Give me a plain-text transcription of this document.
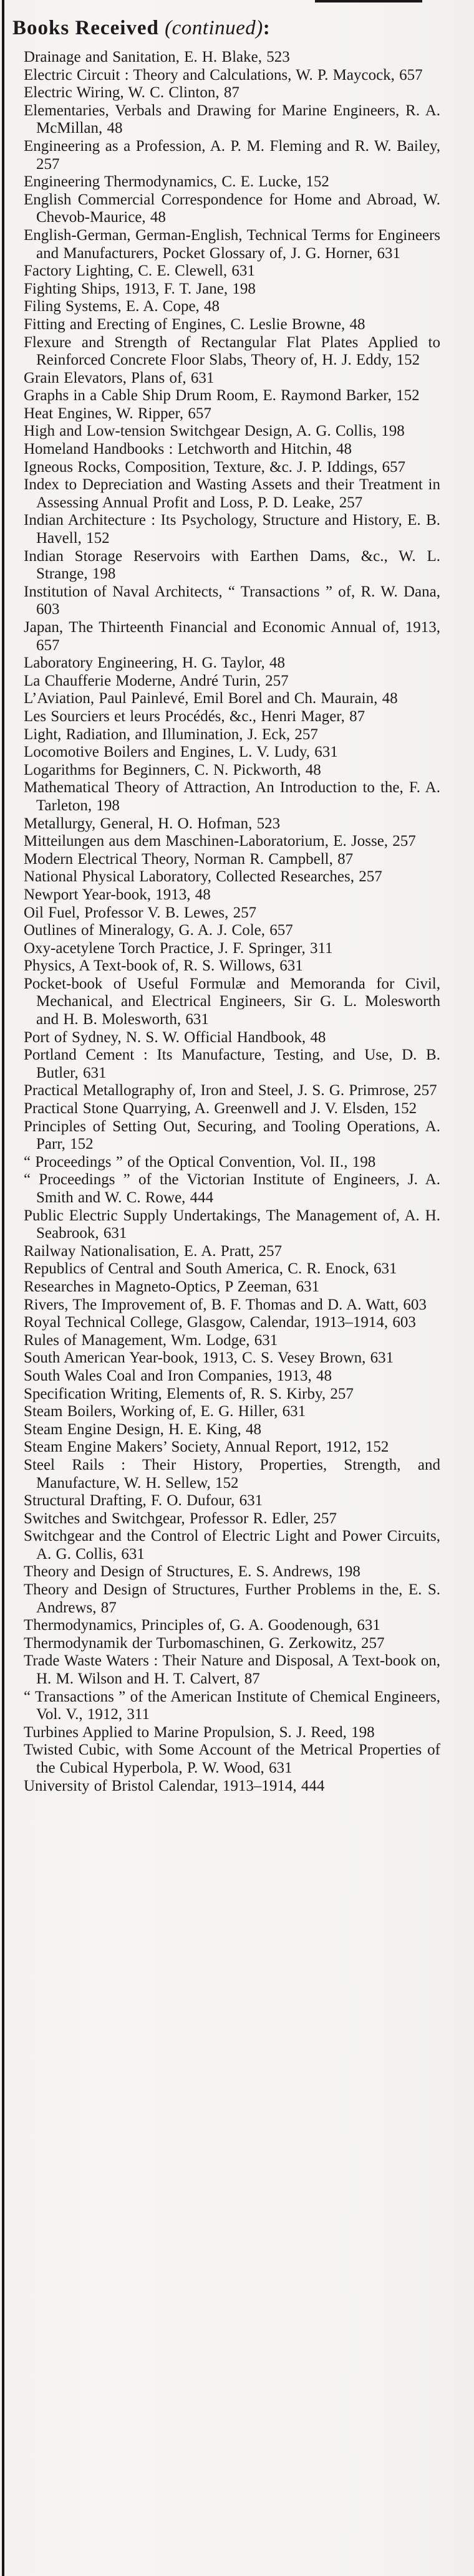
Books Received (continued):
Drainage and Sanitation, E. H. Blake, 523
Electric Circuit : Theory and Calculations, W. P. Maycock, 657
Electric Wiring, W. C. Clinton, 87
Elementaries, Verbals and Drawing for Marine Engineers, R. A. McMillan, 48
Engineering as a Profession, A. P. M. Fleming and R. W. Bailey, 257
Engineering Thermodynamics, C. E. Lucke, 152
English Commercial Correspondence for Home and Abroad, W. Chevob-Maurice, 48
English-German, German-English, Technical Terms for Engineers and Manufacturers, Pocket Glossary of, J. G. Horner, 631
Factory Lighting, C. E. Clewell, 631
Fighting Ships, 1913, F. T. Jane, 198
Filing Systems, E. A. Cope, 48
Fitting and Erecting of Engines, C. Leslie Browne, 48
Flexure and Strength of Rectangular Flat Plates Applied to Reinforced Concrete Floor Slabs, Theory of, H. J. Eddy, 152
Grain Elevators, Plans of, 631
Graphs in a Cable Ship Drum Room, E. Raymond Barker, 152
Heat Engines, W. Ripper, 657
High and Low-tension Switchgear Design, A. G. Collis, 198
Homeland Handbooks : Letchworth and Hitchin, 48
Igneous Rocks, Composition, Texture, &c. J. P. Iddings, 657
Index to Depreciation and Wasting Assets and their Treatment in Assessing Annual Profit and Loss, P. D. Leake, 257
Indian Architecture : Its Psychology, Structure and History, E. B. Havell, 152
Indian Storage Reservoirs with Earthen Dams, &c., W. L. Strange, 198
Institution of Naval Architects, “ Transactions ” of, R. W. Dana, 603
Japan, The Thirteenth Financial and Economic Annual of, 1913, 657
Laboratory Engineering, H. G. Taylor, 48
La Chaufferie Moderne, André Turin, 257
L’Aviation, Paul Painlevé, Emil Borel and Ch. Maurain, 48
Les Sourciers et leurs Procédés, &c., Henri Mager, 87
Light, Radiation, and Illumination, J. Eck, 257
Locomotive Boilers and Engines, L. V. Ludy, 631
Logarithms for Beginners, C. N. Pickworth, 48
Mathematical Theory of Attraction, An Introduction to the, F. A. Tarleton, 198
Metallurgy, General, H. O. Hofman, 523
Mitteilungen aus dem Maschinen-Laboratorium, E. Josse, 257
Modern Electrical Theory, Norman R. Campbell, 87
National Physical Laboratory, Collected Researches, 257
Newport Year-book, 1913, 48
Oil Fuel, Professor V. B. Lewes, 257
Outlines of Mineralogy, G. A. J. Cole, 657
Oxy-acetylene Torch Practice, J. F. Springer, 311
Physics, A Text-book of, R. S. Willows, 631
Pocket-book of Useful Formulæ and Memoranda for Civil, Mechanical, and Electrical Engineers, Sir G. L. Molesworth and H. B. Molesworth, 631
Port of Sydney, N. S. W. Official Handbook, 48
Portland Cement : Its Manufacture, Testing, and Use, D. B. Butler, 631
Practical Metallography of, Iron and Steel, J. S. G. Primrose, 257
Practical Stone Quarrying, A. Greenwell and J. V. Elsden, 152
Principles of Setting Out, Securing, and Tooling Operations, A. Parr, 152
“ Proceedings ” of the Optical Convention, Vol. II., 198
“ Proceedings ” of the Victorian Institute of Engineers, J. A. Smith and W. C. Rowe, 444
Public Electric Supply Undertakings, The Management of, A. H. Seabrook, 631
Railway Nationalisation, E. A. Pratt, 257
Republics of Central and South America, C. R. Enock, 631
Researches in Magneto-Optics, P Zeeman, 631
Rivers, The Improvement of, B. F. Thomas and D. A. Watt, 603
Royal Technical College, Glasgow, Calendar, 1913–1914, 603
Rules of Management, Wm. Lodge, 631
South American Year-book, 1913, C. S. Vesey Brown, 631
South Wales Coal and Iron Companies, 1913, 48
Specification Writing, Elements of, R. S. Kirby, 257
Steam Boilers, Working of, E. G. Hiller, 631
Steam Engine Design, H. E. King, 48
Steam Engine Makers’ Society, Annual Report, 1912, 152
Steel Rails : Their History, Properties, Strength, and Manufacture, W. H. Sellew, 152
Structural Drafting, F. O. Dufour, 631
Switches and Switchgear, Professor R. Edler, 257
Switchgear and the Control of Electric Light and Power Circuits, A. G. Collis, 631
Theory and Design of Structures, E. S. Andrews, 198
Theory and Design of Structures, Further Problems in the, E. S. Andrews, 87
Thermodynamics, Principles of, G. A. Goodenough, 631
Thermodynamik der Turbomaschinen, G. Zerkowitz, 257
Trade Waste Waters : Their Nature and Disposal, A Text-book on, H. M. Wilson and H. T. Calvert, 87
“ Transactions ” of the American Institute of Chemical Engineers, Vol. V., 1912, 311
Turbines Applied to Marine Propulsion, S. J. Reed, 198
Twisted Cubic, with Some Account of the Metrical Properties of the Cubical Hyperbola, P. W. Wood, 631
University of Bristol Calendar, 1913–1914, 444
